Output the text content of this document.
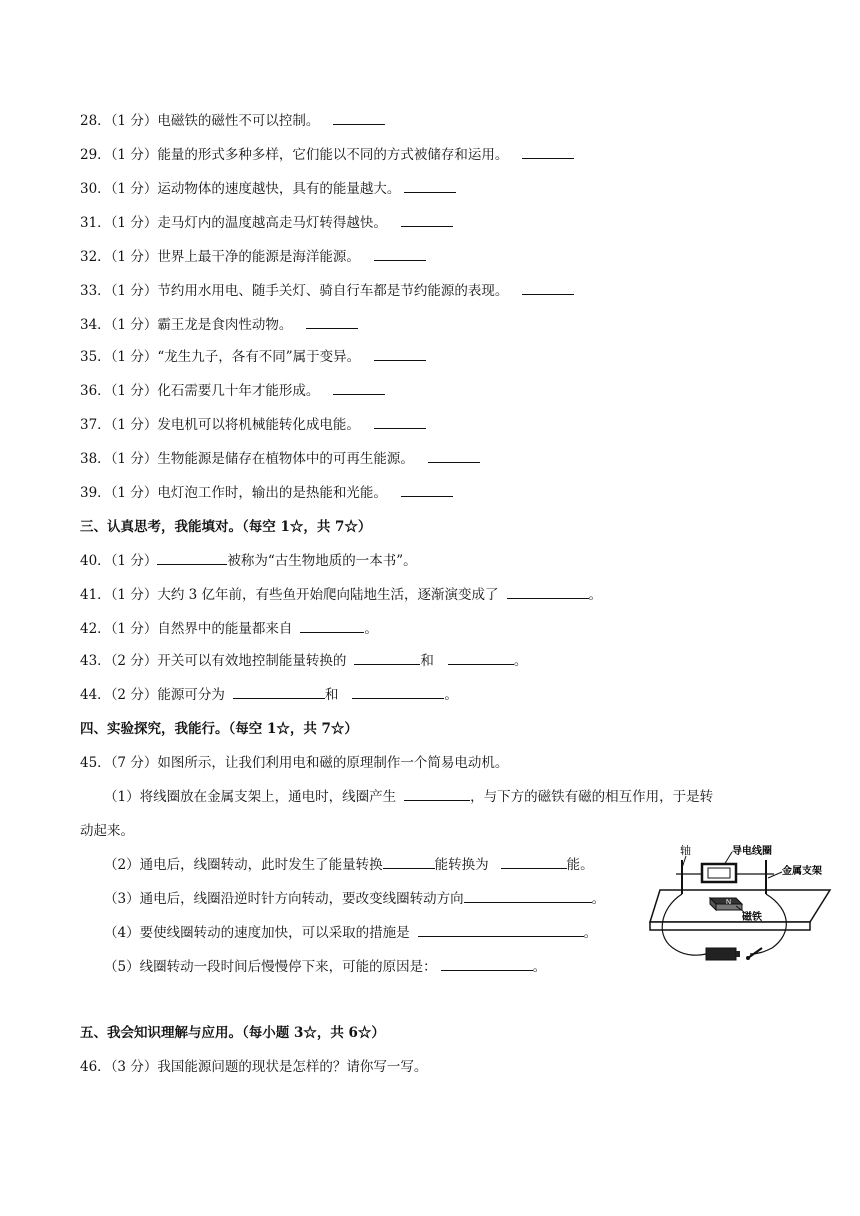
28．（1 分）电磁铁的磁性不可以控制。
29．（1 分）能量的形式多种多样，它们能以不同的方式被储存和运用。
30．（1 分）运动物体的速度越快，具有的能量越大。
31．（1 分）走马灯内的温度越高走马灯转得越快。
32．（1 分）世界上最干净的能源是海洋能源。
33．（1 分）节约用水用电、随手关灯、骑自行车都是节约能源的表现。
34．（1 分）霸王龙是食肉性动物。
35．（1 分）“龙生九子，各有不同”属于变异。
36．（1 分）化石需要几十年才能形成。
37．（1 分）发电机可以将机械能转化成电能。
38．（1 分）生物能源是储存在植物体中的可再生能源。
39．（1 分）电灯泡工作时，输出的是热能和光能。
三、认真思考，我能填对。（每空 1☆，共 7☆）
40．（1 分）	被称为“古生物地质的一本书”。
41．（1 分）大约 3 亿年前，有些鱼开始爬向陆地生活，逐渐演变成了	。
42．（1 分）自然界中的能量都来自	。
43．（2 分）开关可以有效地控制能量转换的	和	。
44．（2 分）能源可分为	和	。
四、实验探究，我能行。（每空 1☆，共 7☆）
45．（7 分）如图所示，让我们利用电和磁的原理制作一个简易电动机。
（1）将线圈放在金属支架上，通电时，线圈产生	，与下方的磁铁有磁的相互作用，于是转
动起来。
（2）通电后，线圈转动，此时发生了能量转换	能转换为	能。
（3）通电后，线圈沿逆时针方向转动，要改变线圈转动方向	。
（4）要使线圈转动的速度加快，可以采取的措施是	。
（5）线圈转动一段时间后慢慢停下来，可能的原因是：	。
N
轴	导电线圈
金属支架
磁铁
五、我会知识理解与应用。（每小题 3☆，共 6☆）
46．（3 分）我国能源问题的现状是怎样的？请你写一写。
